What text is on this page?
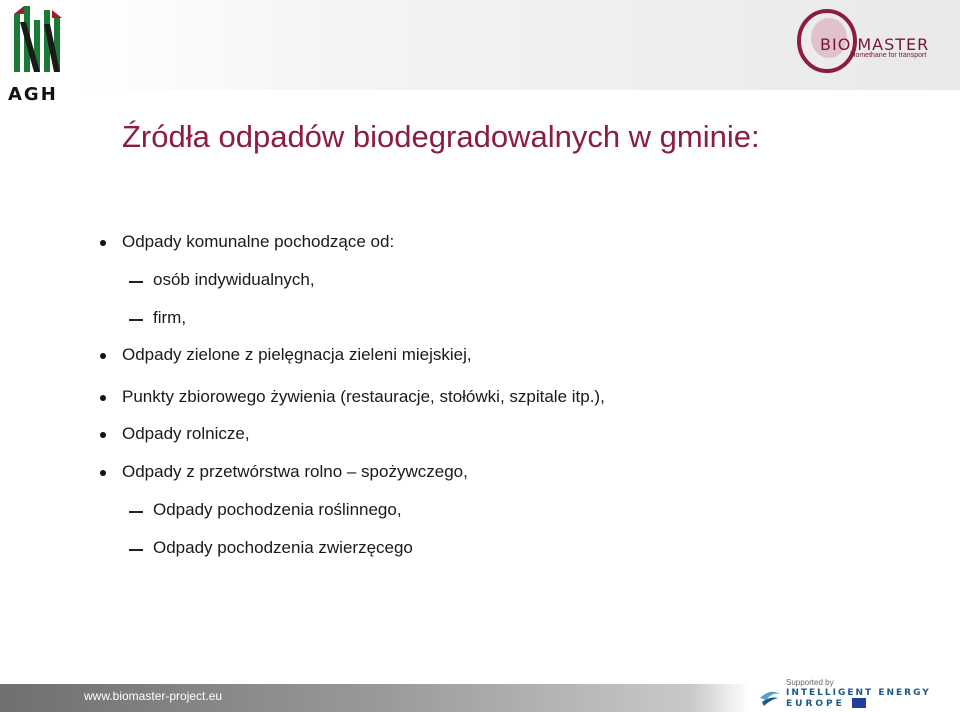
AGH
BIO MASTER
biomethane for transport
Źródła odpadów biodegradowalnych w gminie:
Odpady komunalne pochodzące od:
osób indywidualnych,
firm,
Odpady zielone z pielęgnacja zieleni miejskiej,
Punkty zbiorowego żywienia (restauracje, stołówki, szpitale itp.),
Odpady rolnicze,
Odpady z przetwórstwa rolno – spożywczego,
Odpady pochodzenia roślinnego,
Odpady pochodzenia zwierzęcego
www.biomaster-project.eu
Supported by
INTELLIGENT ENERGY
EUROPE
